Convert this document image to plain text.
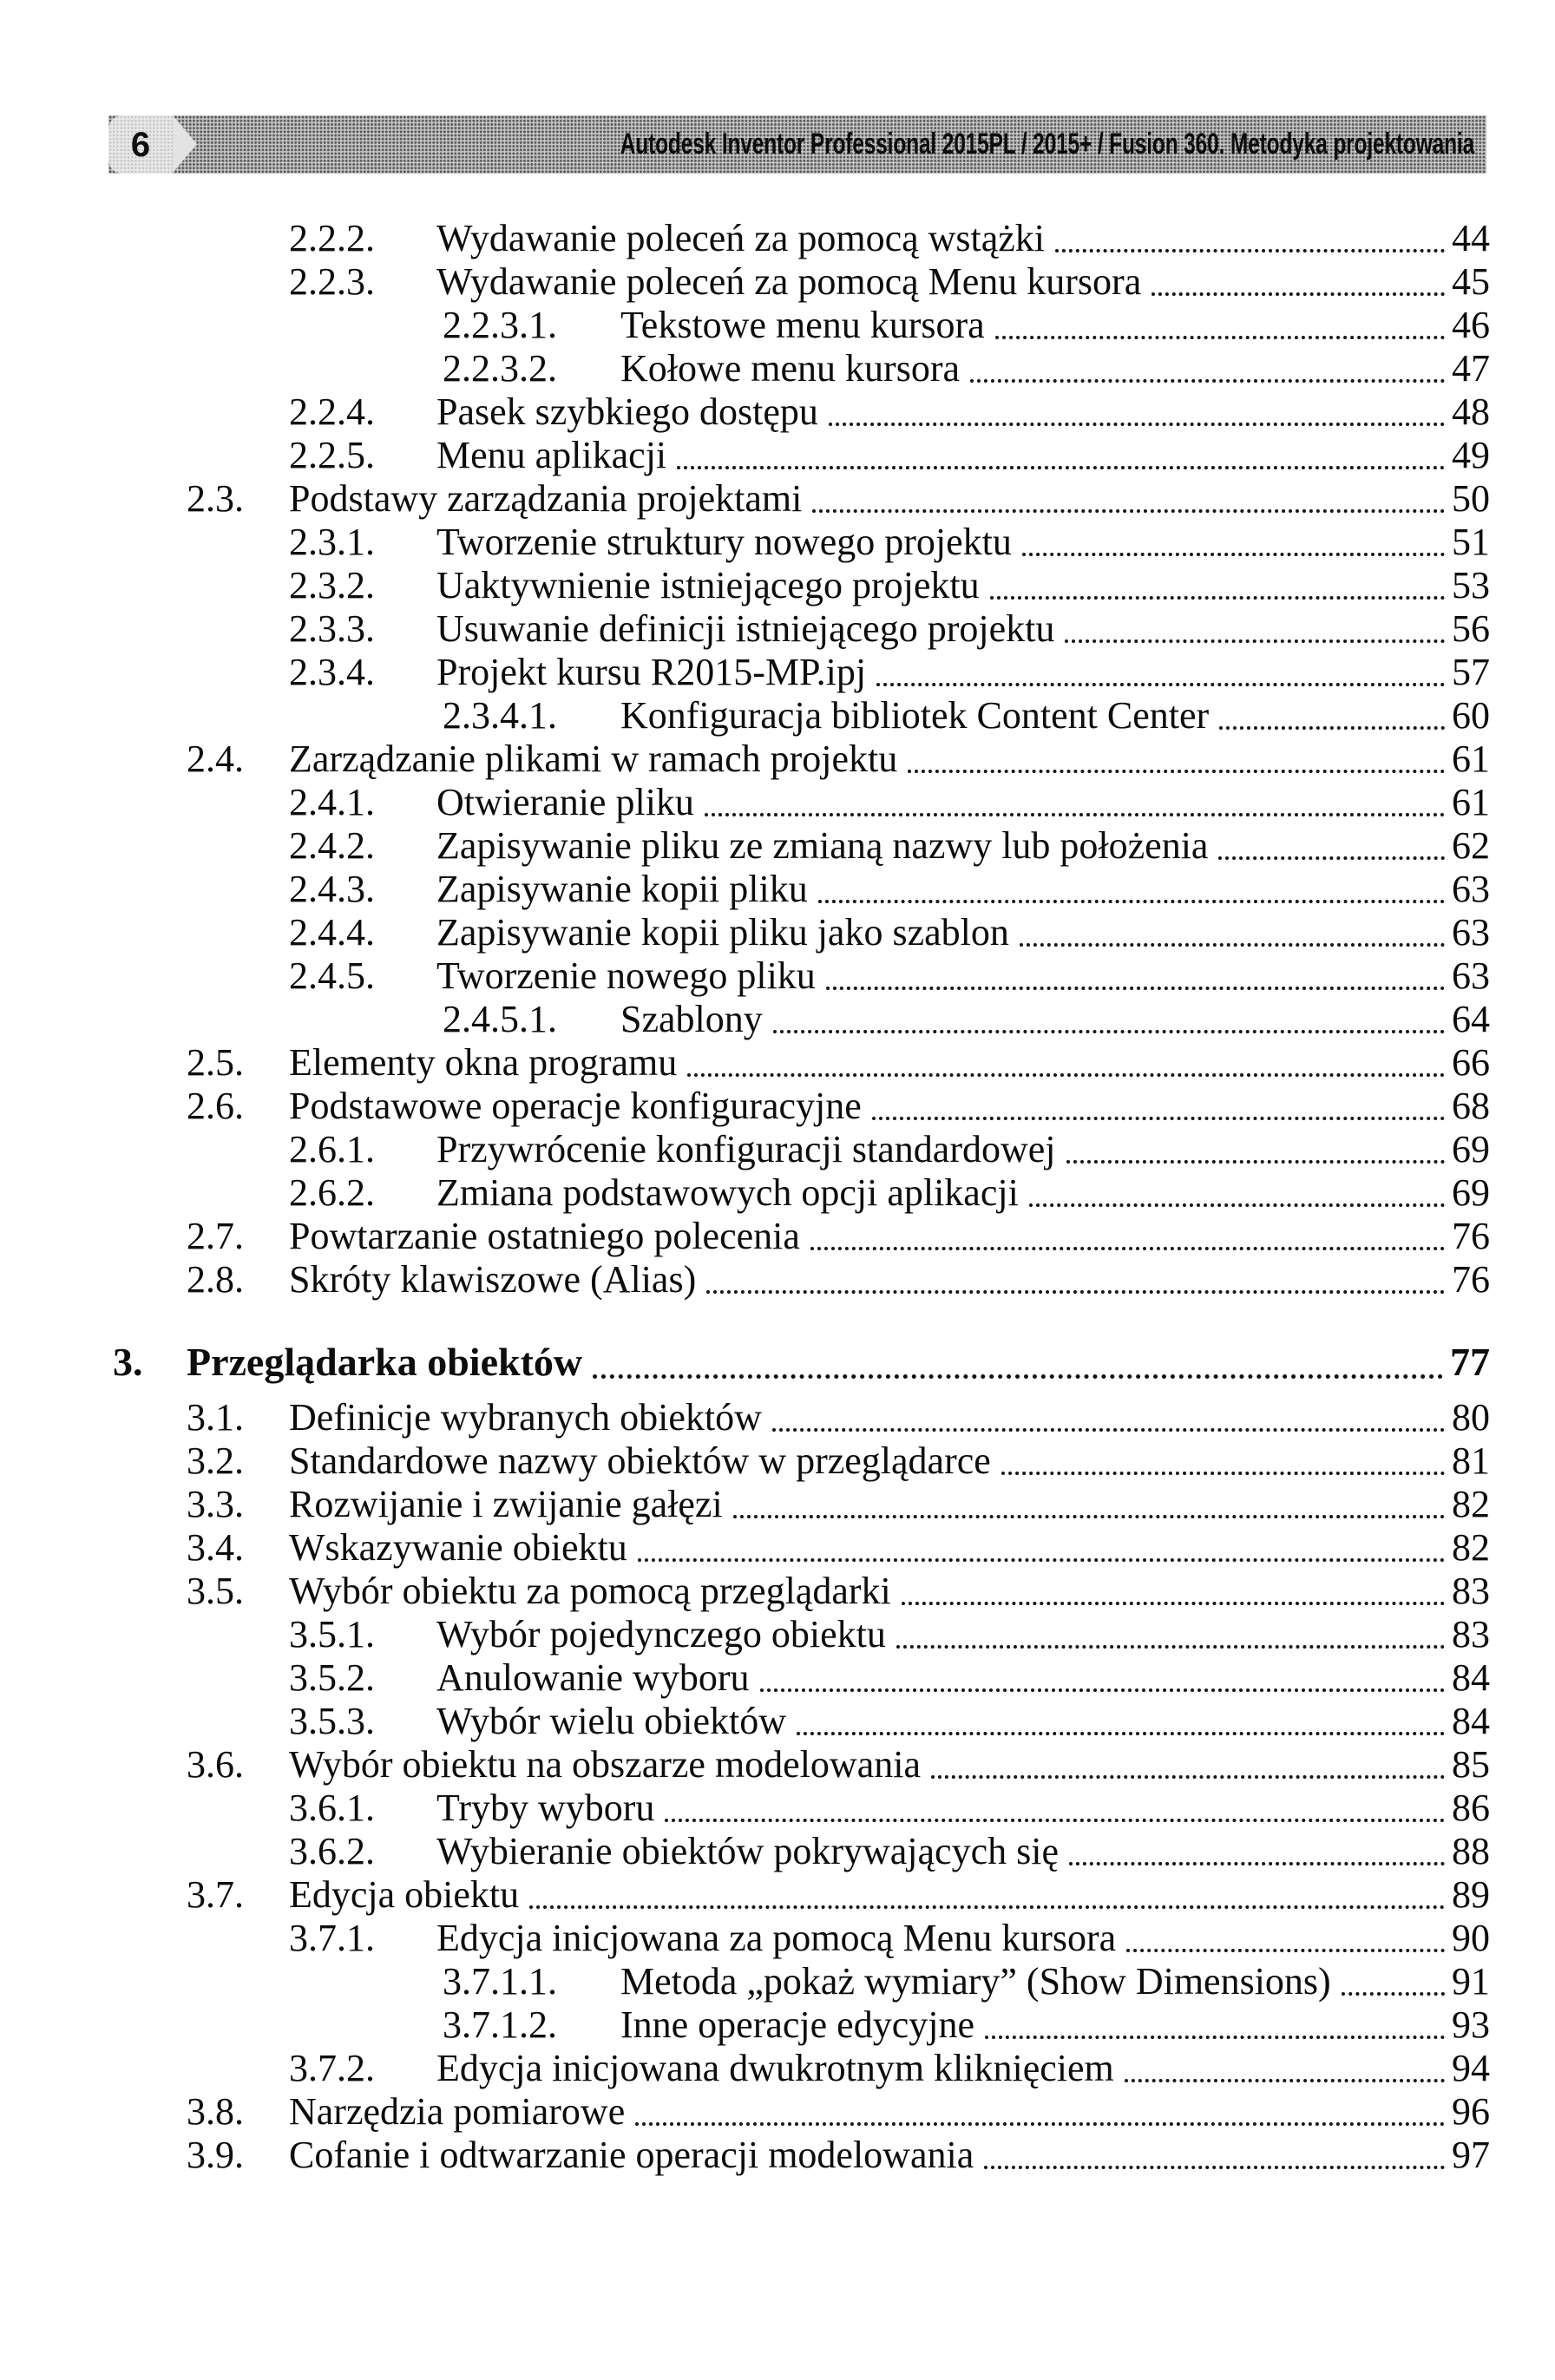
6	Autodesk Inventor Professional 2015PL / 2015+ / Fusion 360. Metodyka projektowania
2.2.2.	Wydawanie poleceń za pomocą wstążki	44
2.2.3.	Wydawanie poleceń za pomocą Menu kursora	45
2.2.3.1.	Tekstowe menu kursora	46
2.2.3.2.	Kołowe menu kursora	47
2.2.4.	Pasek szybkiego dostępu	48
2.2.5.	Menu aplikacji	49
2.3.	Podstawy zarządzania projektami	50
2.3.1.	Tworzenie struktury nowego projektu	51
2.3.2.	Uaktywnienie istniejącego projektu	53
2.3.3.	Usuwanie definicji istniejącego projektu	56
2.3.4.	Projekt kursu R2015-MP.ipj	57
2.3.4.1.	Konfiguracja bibliotek Content Center	60
2.4.	Zarządzanie plikami w ramach projektu	61
2.4.1.	Otwieranie pliku	61
2.4.2.	Zapisywanie pliku ze zmianą nazwy lub położenia	62
2.4.3.	Zapisywanie kopii pliku	63
2.4.4.	Zapisywanie kopii pliku jako szablon	63
2.4.5.	Tworzenie nowego pliku	63
2.4.5.1.	Szablony	64
2.5.	Elementy okna programu	66
2.6.	Podstawowe operacje konfiguracyjne	68
2.6.1.	Przywrócenie konfiguracji standardowej	69
2.6.2.	Zmiana podstawowych opcji aplikacji	69
2.7.	Powtarzanie ostatniego polecenia	76
2.8.	Skróty klawiszowe (Alias)	76
3.	Przeglądarka obiektów	77
3.1.	Definicje wybranych obiektów	80
3.2.	Standardowe nazwy obiektów w przeglądarce	81
3.3.	Rozwijanie i zwijanie gałęzi	82
3.4.	Wskazywanie obiektu	82
3.5.	Wybór obiektu za pomocą przeglądarki	83
3.5.1.	Wybór pojedynczego obiektu	83
3.5.2.	Anulowanie wyboru	84
3.5.3.	Wybór wielu obiektów	84
3.6.	Wybór obiektu na obszarze modelowania	85
3.6.1.	Tryby wyboru	86
3.6.2.	Wybieranie obiektów pokrywających się	88
3.7.	Edycja obiektu	89
3.7.1.	Edycja inicjowana za pomocą Menu kursora	90
3.7.1.1.	Metoda „pokaż wymiary” (Show Dimensions)	91
3.7.1.2.	Inne operacje edycyjne	93
3.7.2.	Edycja inicjowana dwukrotnym kliknięciem	94
3.8.	Narzędzia pomiarowe	96
3.9.	Cofanie i odtwarzanie operacji modelowania	97
